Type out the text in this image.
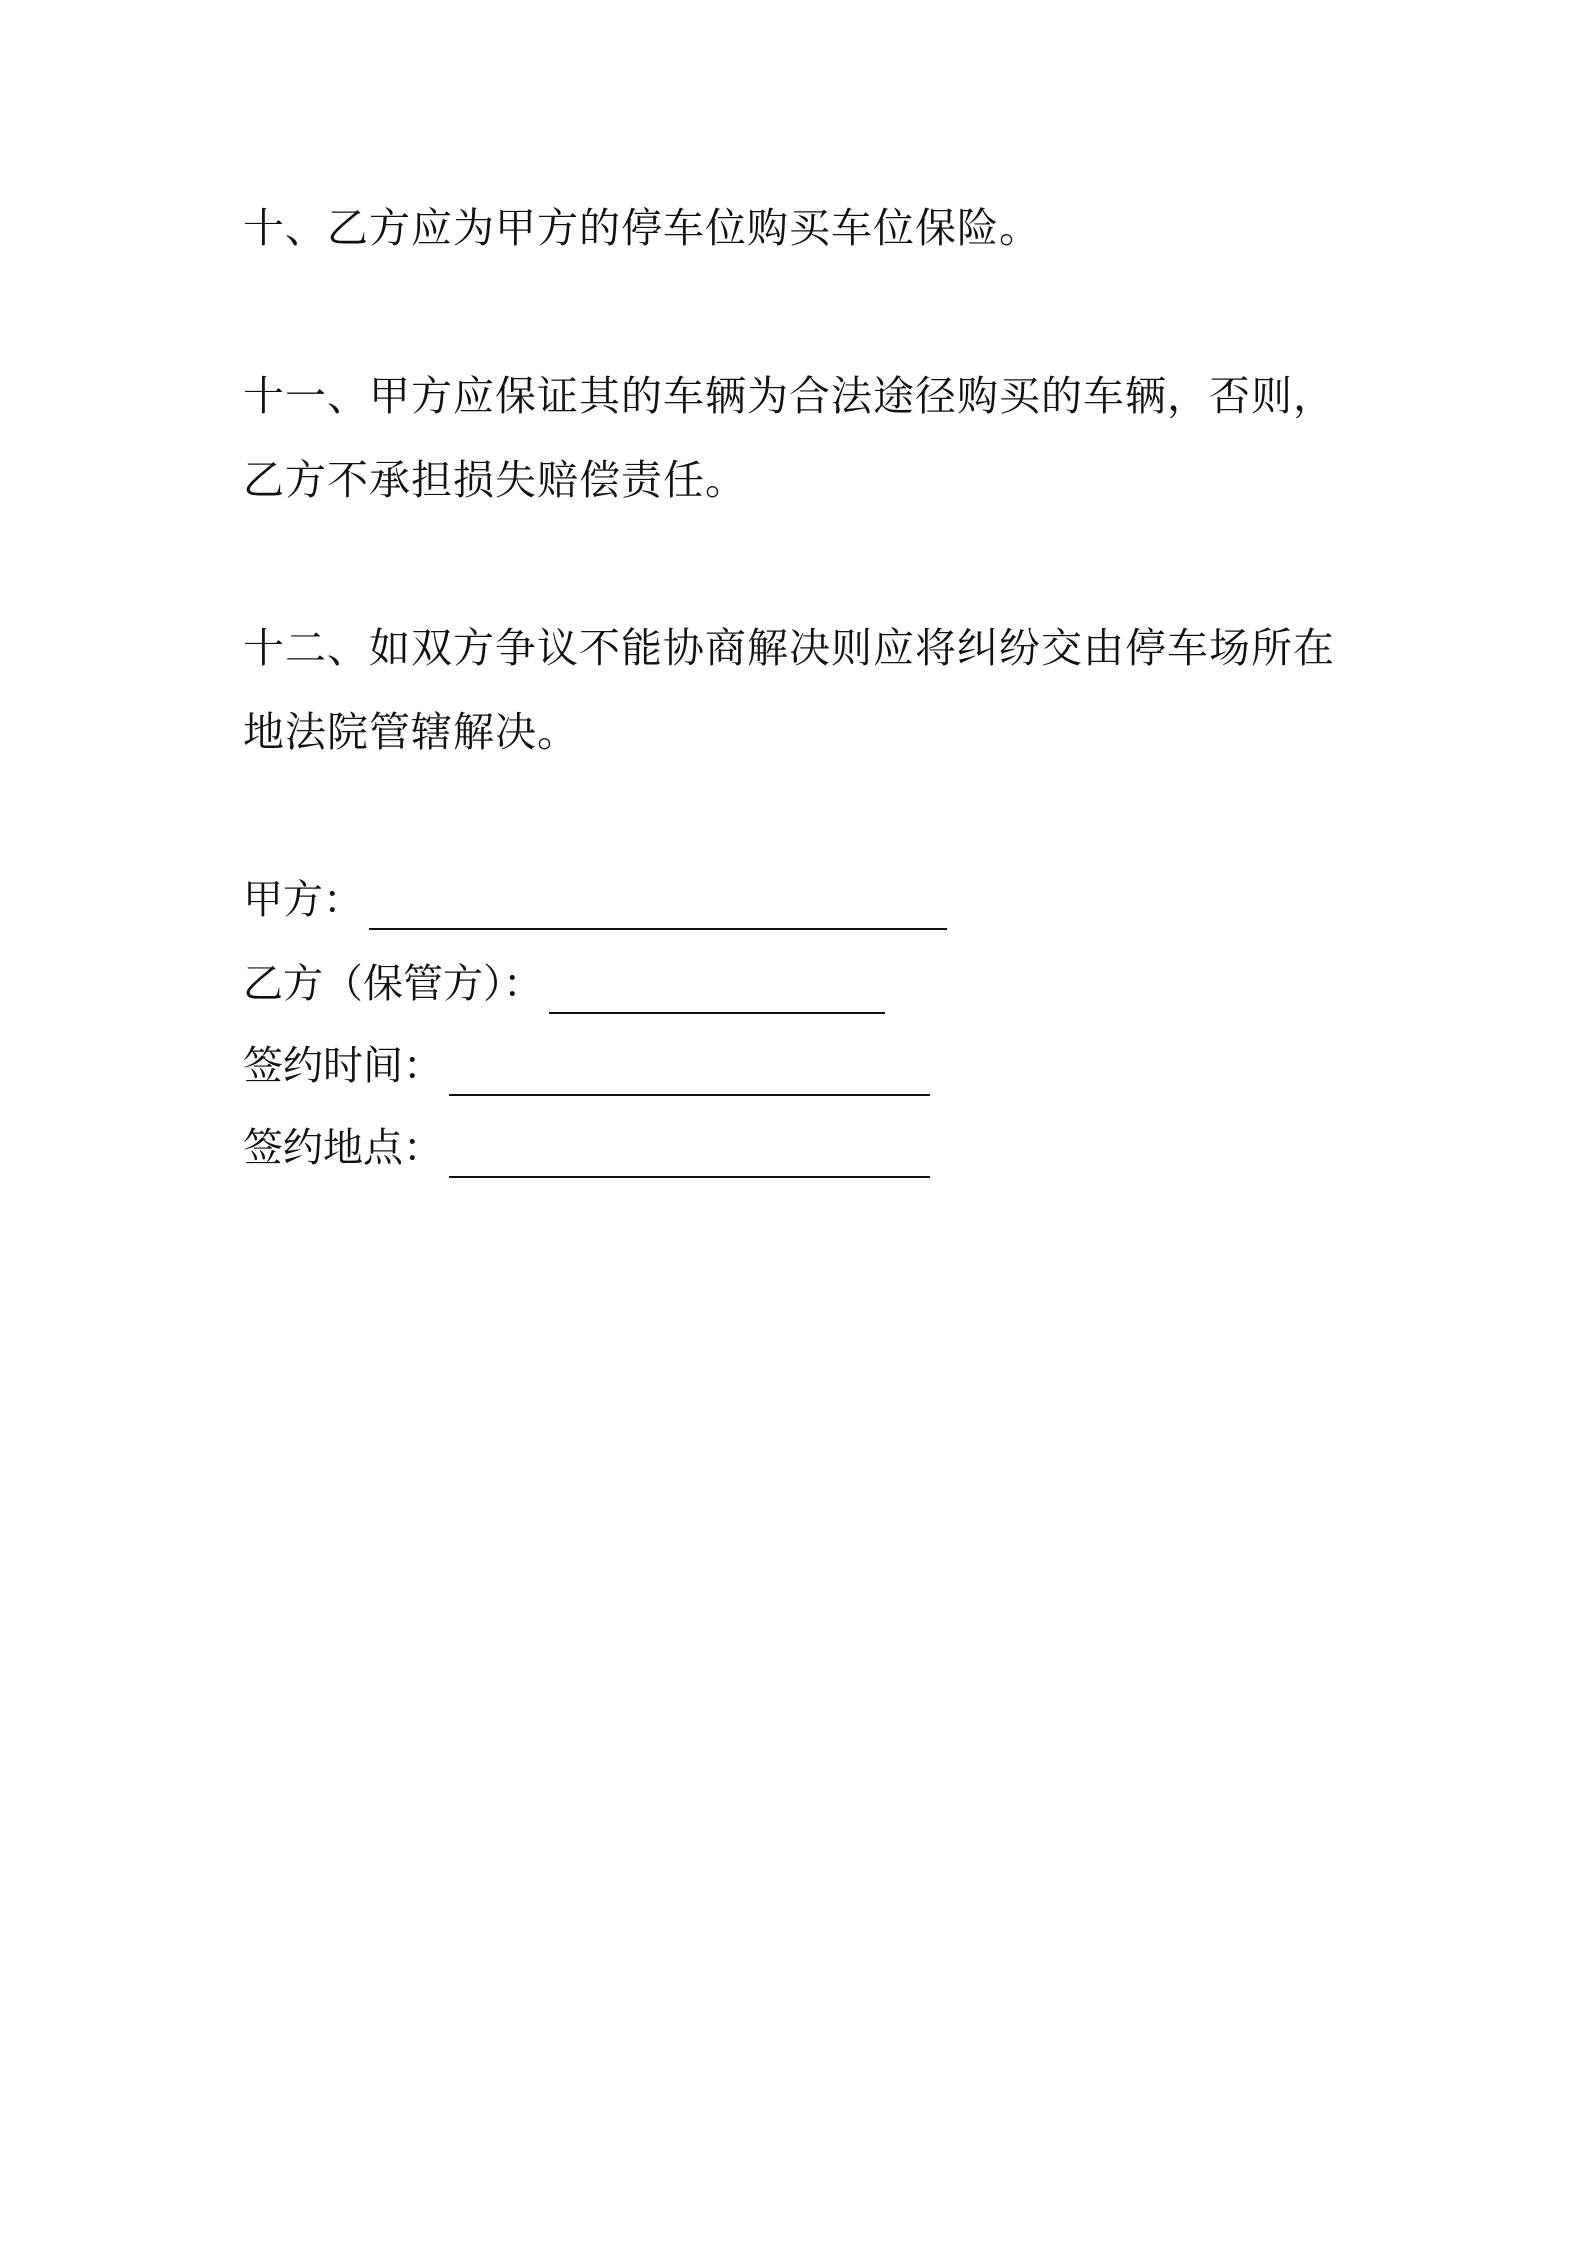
十、乙方应为甲方的停车位购买车位保险。

十一、甲方应保证其的车辆为合法途径购买的车辆，否则，
乙方不承担损失赔偿责任。

十二、如双方争议不能协商解决则应将纠纷交由停车场所在
地法院管辖解决。

甲方：
乙方（保管方）：
签约时间：
签约地点：
